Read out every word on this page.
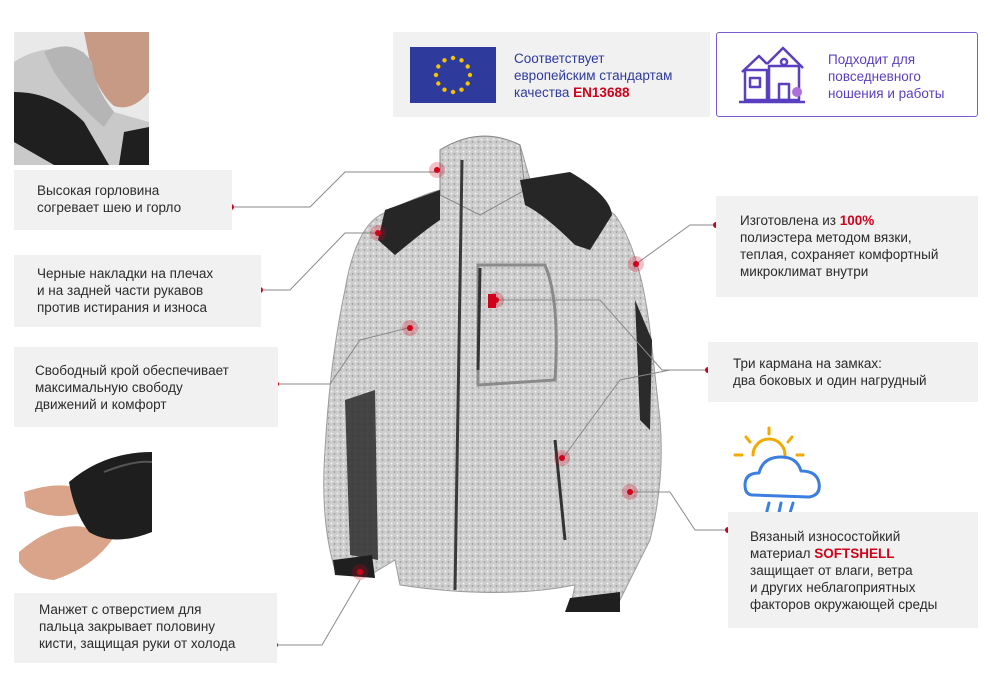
Соответствует

европейским стандартам

качества EN13688

Подходит для

повседневного

ношения и работы

Высокая горловина

согревает шею и горло

Черные накладки на плечах

и на задней части рукавов

против истирания и износа

Свободный крой обеспечивает

максимальную свободу

движений и комфорт

Манжет с отверстием для

пальца закрывает половину

кисти, защищая руки от холода

Изготовлена из 100%

полиэстера методом вязки,

теплая, сохраняет комфортный

микроклимат внутри

Три кармана на замках:

два боковых и один нагрудный

Вязаный износостойкий

материал SOFTSHELL

защищает от влаги, ветра

и других неблагоприятных

факторов окружающей среды
